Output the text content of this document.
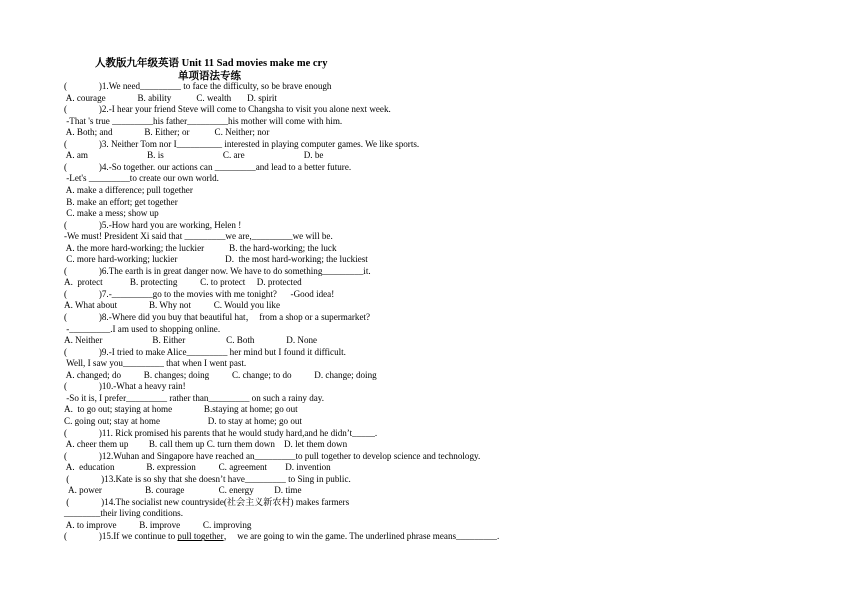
人教版九年级英语 Unit 11 Sad movies make me cry
单项语法专练
(              )1.We need_________ to face the difficulty, so be brave enough
A. courage              B. ability           C. wealth       D. spirit
(              )2.-I hear your friend Steve will come to Changsha to visit you alone next week.
-That 's true _________his father_________his mother will come with him.
A. Both; and              B. Either; or           C. Neither; nor
(              )3. Neither Tom nor I__________ interested in playing computer games. We like sports.
A. am                          B. is                          C. are                          D. be
(              )4.-So together. our actions can _________and lead to a better future.
-Let's _________to create our own world.
A. make a difference; pull together
B. make an effort; get together
C. make a mess; show up
(              )5.-How hard you are working, Helen !
-We must! President Xi said that _________we are,_________we will be.
A. the more hard-working; the luckier           B. the hard-working; the luck
C. more hard-working; luckier                     D.  the most hard-working; the luckiest
(              )6.The earth is in great danger now. We have to do something_________it.
A.  protect            B. protecting          C. to protect     D. protected
(              )7.-_________go to the movies with me tonight?      -Good idea!
A. What about              B. Why not          C. Would you like
(              )8.-Where did you buy that beautiful hat，  from a shop or a supermarket?
-_________.I am used to shopping online.
A. Neither                      B. Either                  C. Both              D. None
(              )9.-I tried to make Alice_________ her mind but I found it difficult.
Well, I saw you_________ that when I went past.
A. changed; do          B. changes; doing          C. change; to do          D. change; doing
(              )10.-What a heavy rain!
-So it is, I prefer_________ rather than_________ on such a rainy day.
A.  to go out; staying at home              B.staying at home; go out
C. going out; stay at home                     D. to stay at home; go out
(              )11. Rick promised his parents that he would study hard,and he didn’t_____.
A. cheer them up         B. call them up C. turn them down    D. let them down
(              )12.Wuhan and Singapore have reached an_________to pull together to develop science and technology.
A.  education              B. expression          C. agreement        D. invention
(              )13.Kate is so shy that she doesn’t have_________ to Sing in public.
A. power                   B. courage               C. energy         D. time
(              )14.The socialist new countryside(社会主义新农村) makes farmers
________their living conditions.
A. to improve          B. improve          C. improving
(              )15.If we continue to pull together，  we are going to win the game. The underlined phrase means_________.
